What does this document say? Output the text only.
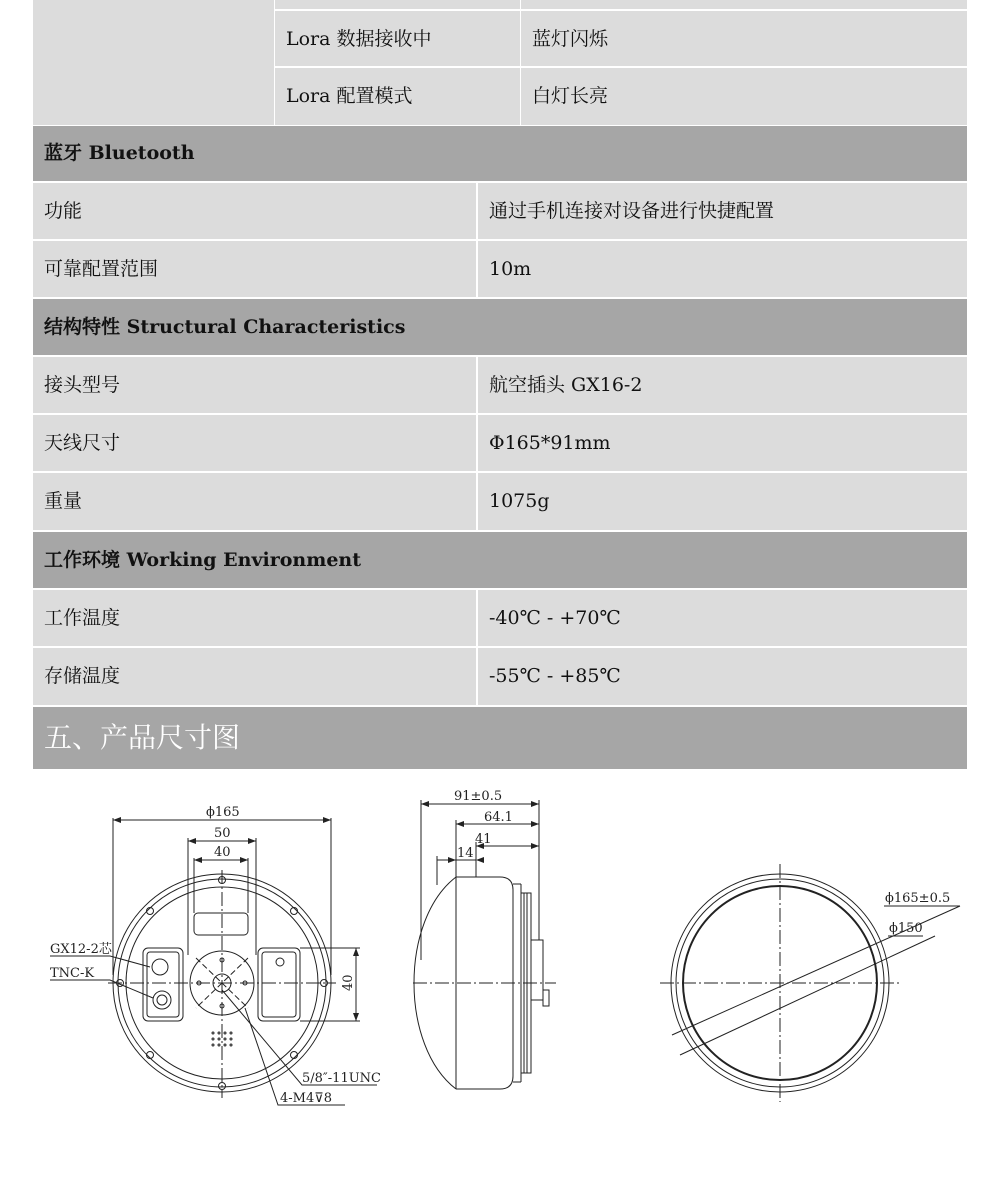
Lora 数据接收中	蓝灯闪烁
Lora 配置模式	白灯长亮
蓝牙 Bluetooth
功能	通过手机连接对设备进行快捷配置
可靠配置范围	10m
结构特性 Structural Characteristics
接头型号	航空插头 GX16-2
天线尺寸	Φ165*91mm
重量	1075g
工作环境 Working Environment
工作温度	-40℃ - +70℃
存储温度	-55℃ - +85℃
五、产品尺寸图
ϕ165
50
40
40
GX12-2芯
TNC-K
5/8″-11UNC
4-M4⊽8
91±0.5
64.1
41
14
ϕ165±0.5
ϕ150
